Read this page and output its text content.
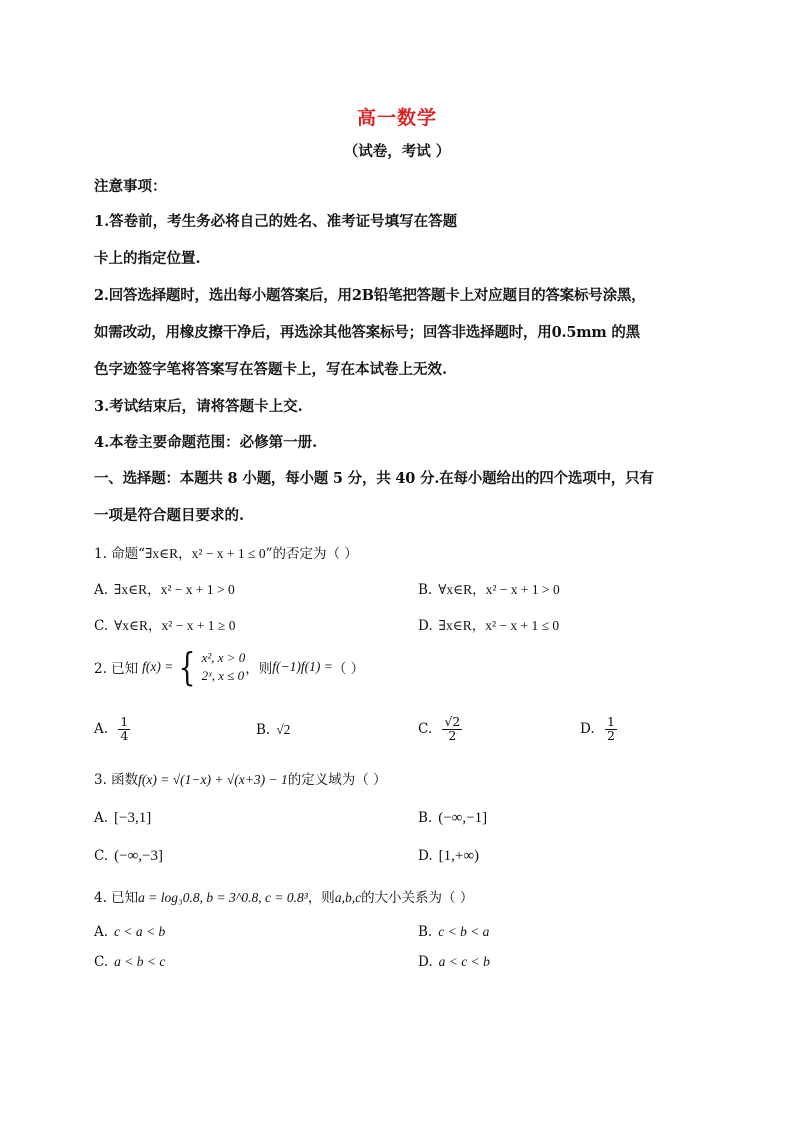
高一数学
（试卷，考试 ）

注意事项：

1.答卷前，考生务必将自己的姓名、准考证号填写在答题

卡上的指定位置.

2.回答选择题时，选出每小题答案后，用2B铅笔把答题卡上对应题目的答案标号涂黑，

如需改动，用橡皮擦干净后，再选涂其他答案标号；回答非选择题时，用0.5mm 的黑

色字迹签字笔将答案写在答题卡上，写在本试卷上无效.

3.考试结束后，请将答题卡上交.

4.本卷主要命题范围：必修第一册.

一、选择题：本题共 8 小题，每小题 5 分，共 40 分.在每小题给出的四个选项中，只有

一项是符合题目要求的.

1. 命题“∃x∈R，x² − x + 1 ≤ 0”的否定为（ ）

A. ∃x∈R，x² − x + 1 > 0	B. ∀x∈R，x² − x + 1 > 0
C. ∀x∈R，x² − x + 1 ≥ 0	D. ∃x∈R，x² − x + 1 ≤ 0

2. 已知 f(x) = { x², x > 0
2ˣ, x ≤ 0 ，则 f(−1)f(1) = （ ）

A. $\frac{1}{4}$	B. √2	C. $\frac{√2}{2}$	D. $\frac{1}{2}$

3. 函数f(x) = √(1−x) + √(x+3) − 1的定义域为（ ）

A. [−3,1]	B. (−∞,−1]
C. (−∞,−3]	D. [1,+∞)

4. 已知a = log₃0.8, b = 3^0.8, c = 0.8³，则a,b,c的大小关系为（ ）

A. c < a < b	B. c < b < a
C. a < b < c	D. a < c < b
